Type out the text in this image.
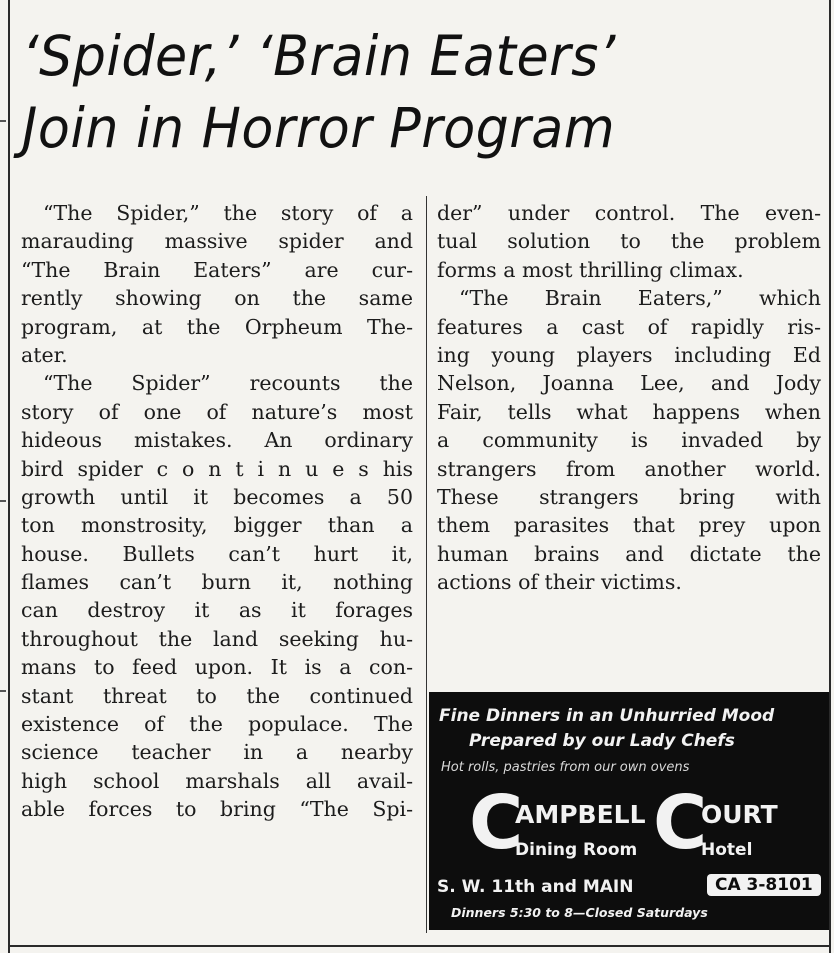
‘Spider,’ ‘Brain Eaters’
Join in Horror Program
“The Spider,” the story of a
marauding massive spider and
“The Brain Eaters” are cur-
rently showing on the same
program, at the Orpheum The-
ater.
“The Spider” recounts the
story of one of nature’s most
hideous mistakes. An ordinary
bird spider c o n t i n u e s his
growth until it becomes a 50
ton monstrosity, bigger than a
house. Bullets can’t hurt it,
flames can’t burn it, nothing
can destroy it as it forages
throughout the land seeking hu-
mans to feed upon. It is a con-
stant threat to the continued
existence of the populace. The
science teacher in a nearby
high school marshals all avail-
able forces to bring “The Spi-
der” under control. The even-
tual solution to the problem
forms a most thrilling climax.
“The Brain Eaters,” which
features a cast of rapidly ris-
ing young players including Ed
Nelson, Joanna Lee, and Jody
Fair, tells what happens when
a community is invaded by
strangers from another world.
These strangers bring with
them parasites that prey upon
human brains and dictate the
actions of their victims.
Fine Dinners in an Unhurried Mood
Prepared by our Lady Chefs
Hot rolls, pastries from our own ovens
C
AMPBELL
Dining Room C
OURT
Hotel
S. W. 11th and MAIN	CA 3-8101
Dinners 5:30 to 8—Closed Saturdays
